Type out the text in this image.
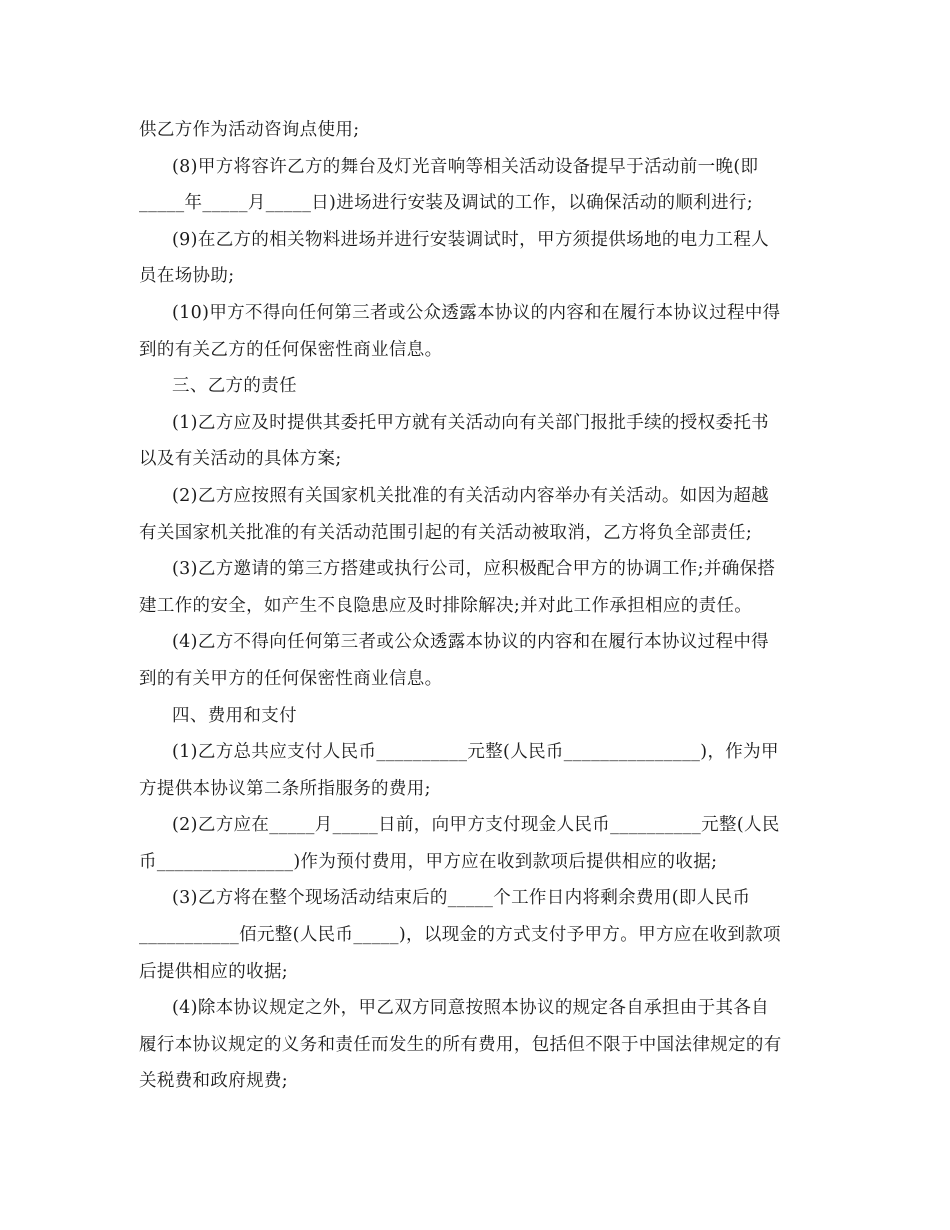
供乙方作为活动咨询点使用;
(8)甲方将容许乙方的舞台及灯光音响等相关活动设备提早于活动前一晚(即
_____年_____月_____日)进场进行安装及调试的工作，以确保活动的顺利进行;
(9)在乙方的相关物料进场并进行安装调试时，甲方须提供场地的电力工程人
员在场协助;
(10)甲方不得向任何第三者或公众透露本协议的内容和在履行本协议过程中得
到的有关乙方的任何保密性商业信息。
三、乙方的责任
(1)乙方应及时提供其委托甲方就有关活动向有关部门报批手续的授权委托书
以及有关活动的具体方案;
(2)乙方应按照有关国家机关批准的有关活动内容举办有关活动。如因为超越
有关国家机关批准的有关活动范围引起的有关活动被取消，乙方将负全部责任;
(3)乙方邀请的第三方搭建或执行公司，应积极配合甲方的协调工作;并确保搭
建工作的安全，如产生不良隐患应及时排除解决;并对此工作承担相应的责任。
(4)乙方不得向任何第三者或公众透露本协议的内容和在履行本协议过程中得
到的有关甲方的任何保密性商业信息。
四、费用和支付
(1)乙方总共应支付人民币__________元整(人民币_______________)，作为甲
方提供本协议第二条所指服务的费用;
(2)乙方应在_____月_____日前，向甲方支付现金人民币__________元整(人民
币_______________)作为预付费用，甲方应在收到款项后提供相应的收据;
(3)乙方将在整个现场活动结束后的_____个工作日内将剩余费用(即人民币
___________佰元整(人民币_____)，以现金的方式支付予甲方。甲方应在收到款项
后提供相应的收据;
(4)除本协议规定之外，甲乙双方同意按照本协议的规定各自承担由于其各自
履行本协议规定的义务和责任而发生的所有费用，包括但不限于中国法律规定的有
关税费和政府规费;
